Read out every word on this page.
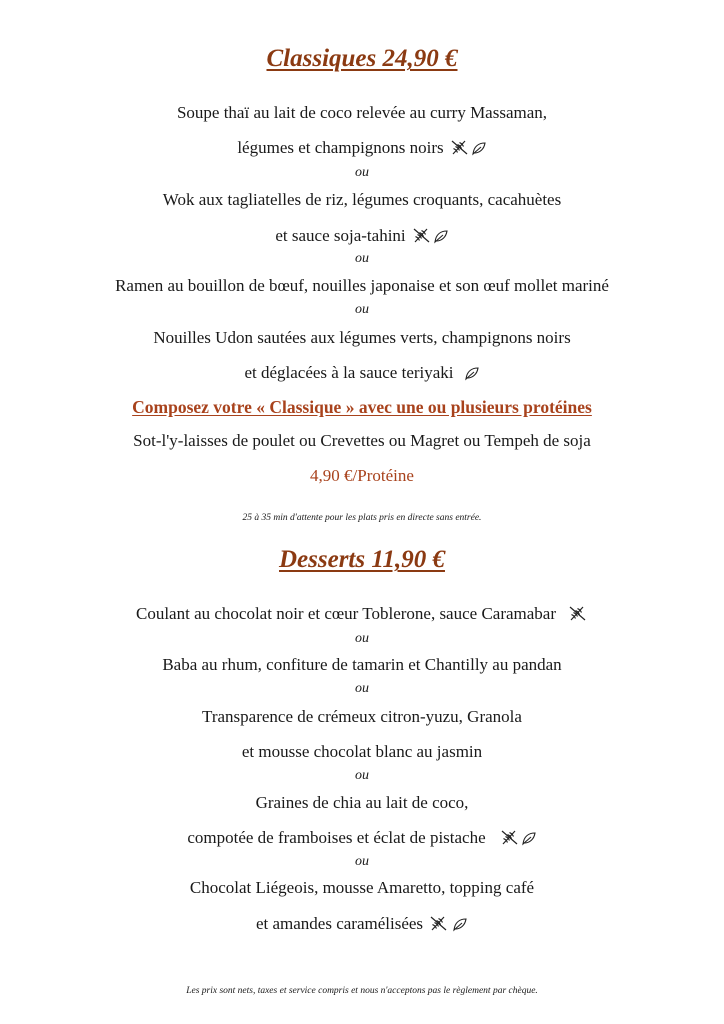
Classiques 24,90 €
Soupe thaï au lait de coco relevée au curry Massaman,
légumes et champignons noirs
ou
Wok aux tagliatelles de riz, légumes croquants, cacahuètes
et sauce soja-tahini
ou
Ramen au bouillon de bœuf, nouilles japonaise et son œuf mollet mariné
ou
Nouilles Udon sautées aux légumes verts, champignons noirs
et déglacées à la sauce teriyaki
Composez votre « Classique » avec une ou plusieurs protéines
Sot-l'y-laisses de poulet ou Crevettes ou Magret ou Tempeh de soja
4,90 €/Protéine
25 à 35 min d'attente pour les plats pris en directe sans entrée.
Desserts 11,90 €
Coulant au chocolat noir et cœur Toblerone, sauce Caramabar
ou
Baba au rhum, confiture de tamarin et Chantilly au pandan
ou
Transparence de crémeux citron-yuzu, Granola
et mousse chocolat blanc au jasmin
ou
Graines de chia au lait de coco,
compotée de framboises et éclat de pistache
ou
Chocolat Liégeois, mousse Amaretto, topping café
et amandes caramélisées
Les prix sont nets, taxes et service compris et nous n'acceptons pas le règlement par chèque.
